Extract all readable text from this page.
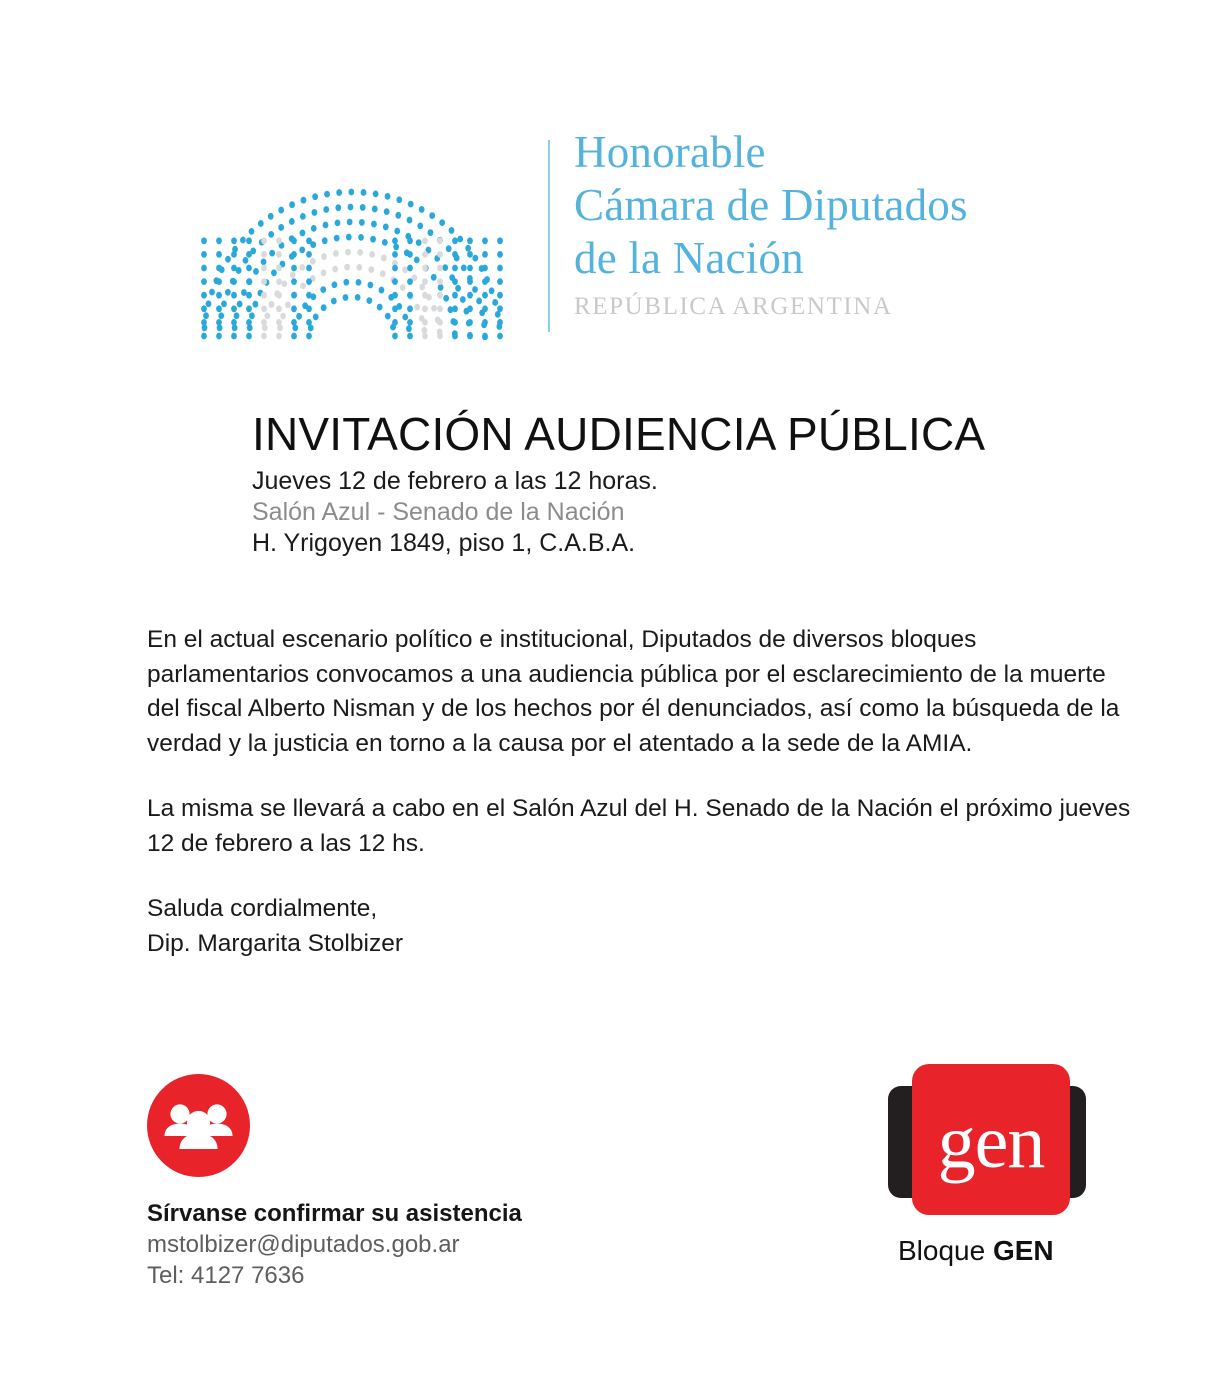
Honorable
Cámara de Diputados
de la Nación
REPÚBLICA ARGENTINA
INVITACIÓN AUDIENCIA PÚBLICA
Jueves 12 de febrero a las 12 horas.
Salón Azul - Senado de la Nación
H. Yrigoyen 1849, piso 1, C.A.B.A.

En el actual escenario político e institucional, Diputados de diversos bloques parlamentarios convocamos a una audiencia pública por el esclarecimiento de la muerte del fiscal Alberto Nisman y de los hechos por él denunciados, así como la búsqueda de la verdad y la justicia en torno a la causa por el atentado a la sede de la AMIA.

La misma se llevará a cabo en el Salón Azul del H. Senado de la Nación el próximo jueves 12 de febrero a las 12 hs.

Saluda cordialmente,
Dip. Margarita Stolbizer

Sírvanse confirmar su asistencia
mstolbizer@diputados.gob.ar
Tel: 4127 7636
gen
Bloque GEN
